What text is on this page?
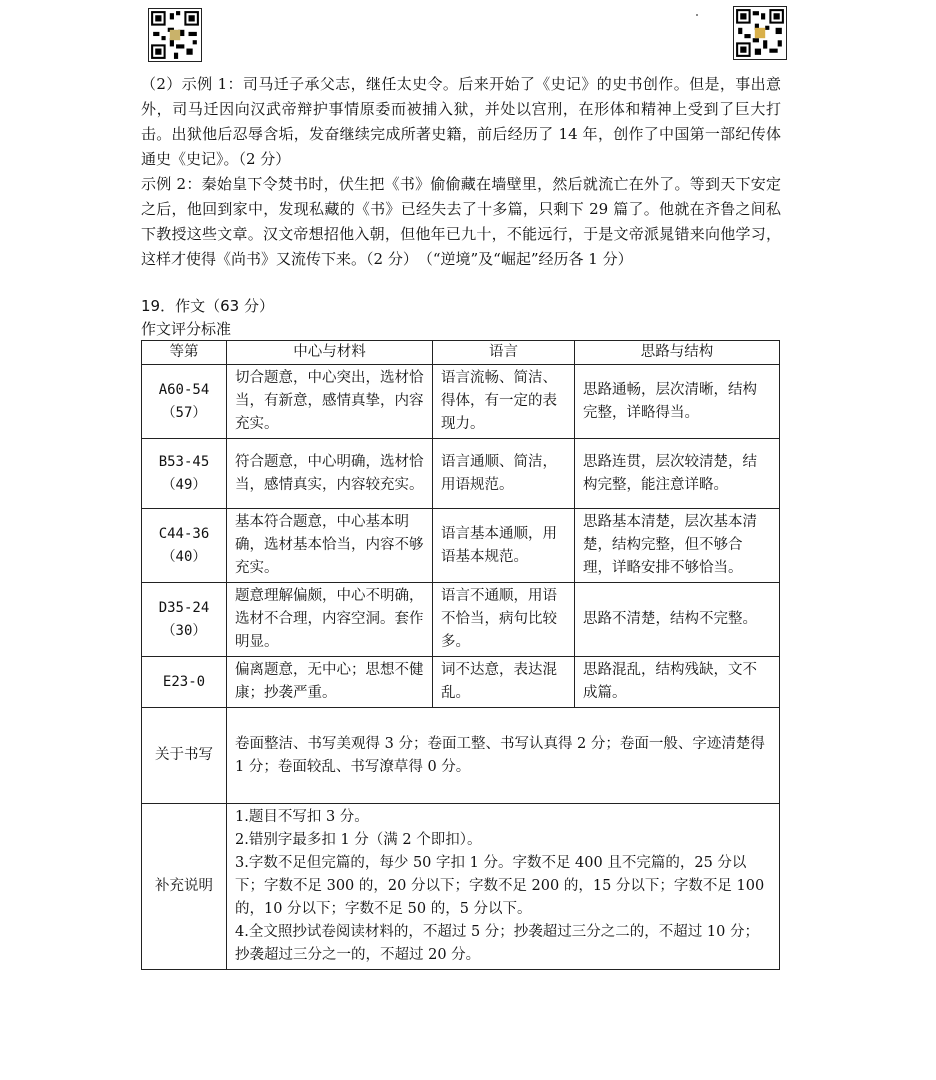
（2）示例 1：司马迁子承父志，继任太史令。后来开始了《史记》的史书创作。但是，事出意外，司马迁因向汉武帝辩护事情原委而被捕入狱，并处以宫刑，在形体和精神上受到了巨大打击。出狱他后忍辱含垢，发奋继续完成所著史籍，前后经历了 14 年，创作了中国第一部纪传体通史《史记》。（2 分）

示例 2：秦始皇下令焚书时，伏生把《书》偷偷藏在墙壁里，然后就流亡在外了。等到天下安定之后，他回到家中，发现私藏的《书》已经失去了十多篇，只剩下 29 篇了。他就在齐鲁之间私下教授这些文章。汉文帝想招他入朝，但他年已九十，不能远行，于是文帝派晁错来向他学习，这样才使得《尚书》又流传下来。（2 分）　（“逆境”及“崛起”经历各 1 分）

19．作文（63 分）
作文评分标准
等第	中心与材料	语言	思路与结构
A60-54
（57）	切合题意，中心突出，选材恰当，有新意，感情真挚，内容充实。	语言流畅、简洁、得体，有一定的表现力。	思路通畅，层次清晰，结构完整，详略得当。
B53-45
（49）	符合题意，中心明确，选材恰当，感情真实，内容较充实。	语言通顺、简洁，用语规范。	思路连贯，层次较清楚，结构完整，能注意详略。
C44-36
（40）	基本符合题意，中心基本明确，选材基本恰当，内容不够充实。	语言基本通顺，用语基本规范。	思路基本清楚，层次基本清楚，结构完整，但不够合理，详略安排不够恰当。
D35-24
（30）	题意理解偏颇，中心不明确，选材不合理，内容空洞。套作明显。	语言不通顺，用语不恰当，病句比较多。	思路不清楚，结构不完整。
E23-0	偏离题意，无中心；思想不健康；抄袭严重。	词不达意，表达混乱。	思路混乱，结构残缺，文不成篇。
关于书写	卷面整洁、书写美观得 3 分；卷面工整、书写认真得 2 分；卷面一般、字迹清楚得 1 分；卷面较乱、书写潦草得 0 分。		
补充说明	1.题目不写扣 3 分。
2.错别字最多扣 1 分（满 2 个即扣）。
3.字数不足但完篇的，每少 50 字扣 1 分。字数不足 400 且不完篇的，25 分以下；字数不足 300 的，20 分以下；字数不足 200 的，15 分以下；字数不足 100 的，10 分以下；字数不足 50 的，5 分以下。
4.全文照抄试卷阅读材料的，不超过 5 分；抄袭超过三分之二的，不超过 10 分；抄袭超过三分之一的，不超过 20 分。		
